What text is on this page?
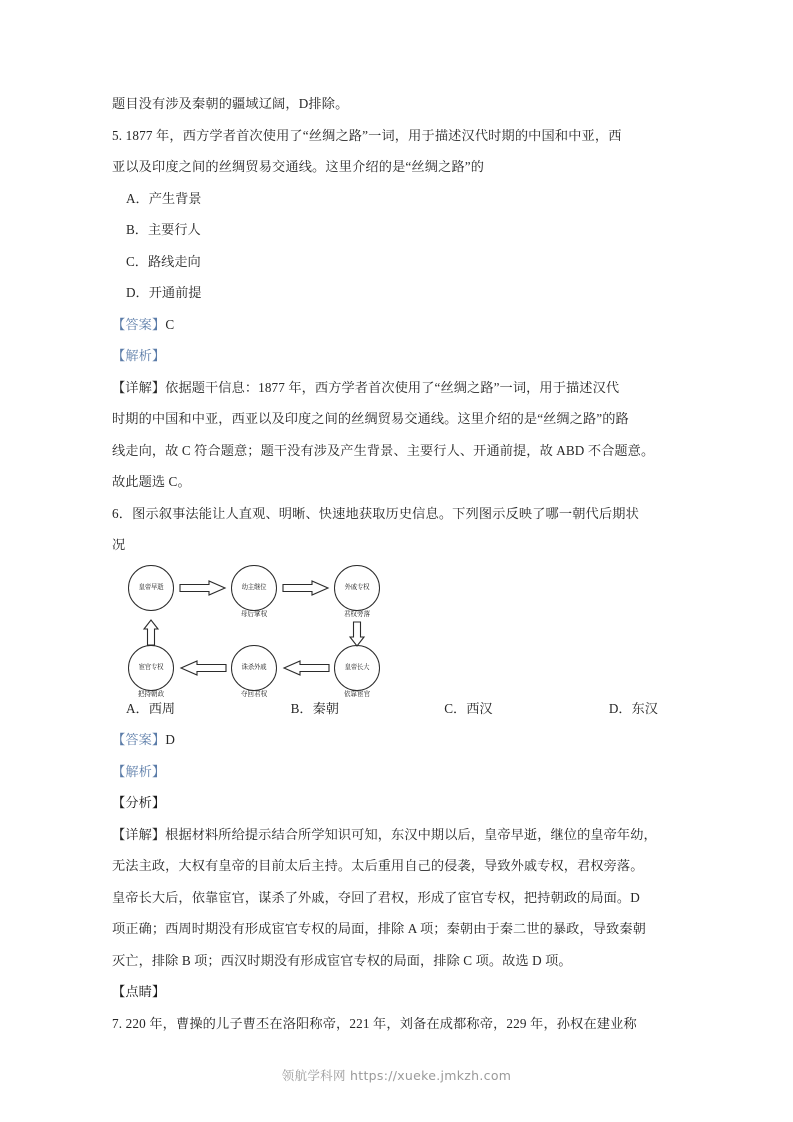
题目没有涉及秦朝的疆域辽阔，D排除。
5. 1877 年，西方学者首次使用了“丝绸之路”一词，用于描述汉代时期的中国和中亚，西
亚以及印度之间的丝绸贸易交通线。这里介绍的是“丝绸之路”的
A．产生背景
B．主要行人
C．路线走向
D．开通前提
【答案】C
【解析】
【详解】依据题干信息：1877 年，西方学者首次使用了“丝绸之路”一词，用于描述汉代
时期的中国和中亚，西亚以及印度之间的丝绸贸易交通线。这里介绍的是“丝绸之路”的路
线走向，故 C 符合题意；题干没有涉及产生背景、主要行人、开通前提，故 ABD 不合题意。
故此题选 C。
6．图示叙事法能让人直观、明晰、快速地获取历史信息。下列图示反映了哪一朝代后期状
况
皇帝早逝	幼主继位	外戚专权
宦官专权	诛杀外戚	皇帝长大
母后掌权	君权旁落
依靠宦官
夺回君权
把持朝政
A．西周	B．秦朝	C．西汉	D．东汉
【答案】D
【解析】
【分析】
【详解】根据材料所给提示结合所学知识可知，东汉中期以后，皇帝早逝，继位的皇帝年幼，
无法主政，大权有皇帝的目前太后主持。太后重用自己的侵袭，导致外戚专权，君权旁落。
皇帝长大后，依靠宦官，谋杀了外戚，夺回了君权，形成了宦官专权，把持朝政的局面。D
项正确；西周时期没有形成宦官专权的局面，排除 A 项；秦朝由于秦二世的暴政，导致秦朝
灭亡，排除 B 项；西汉时期没有形成宦官专权的局面，排除 C 项。故选 D 项。
【点睛】
7. 220 年，曹操的儿子曹丕在洛阳称帝，221 年，刘备在成都称帝，229 年，孙权在建业称
领航学科网 https://xueke.jmkzh.com
